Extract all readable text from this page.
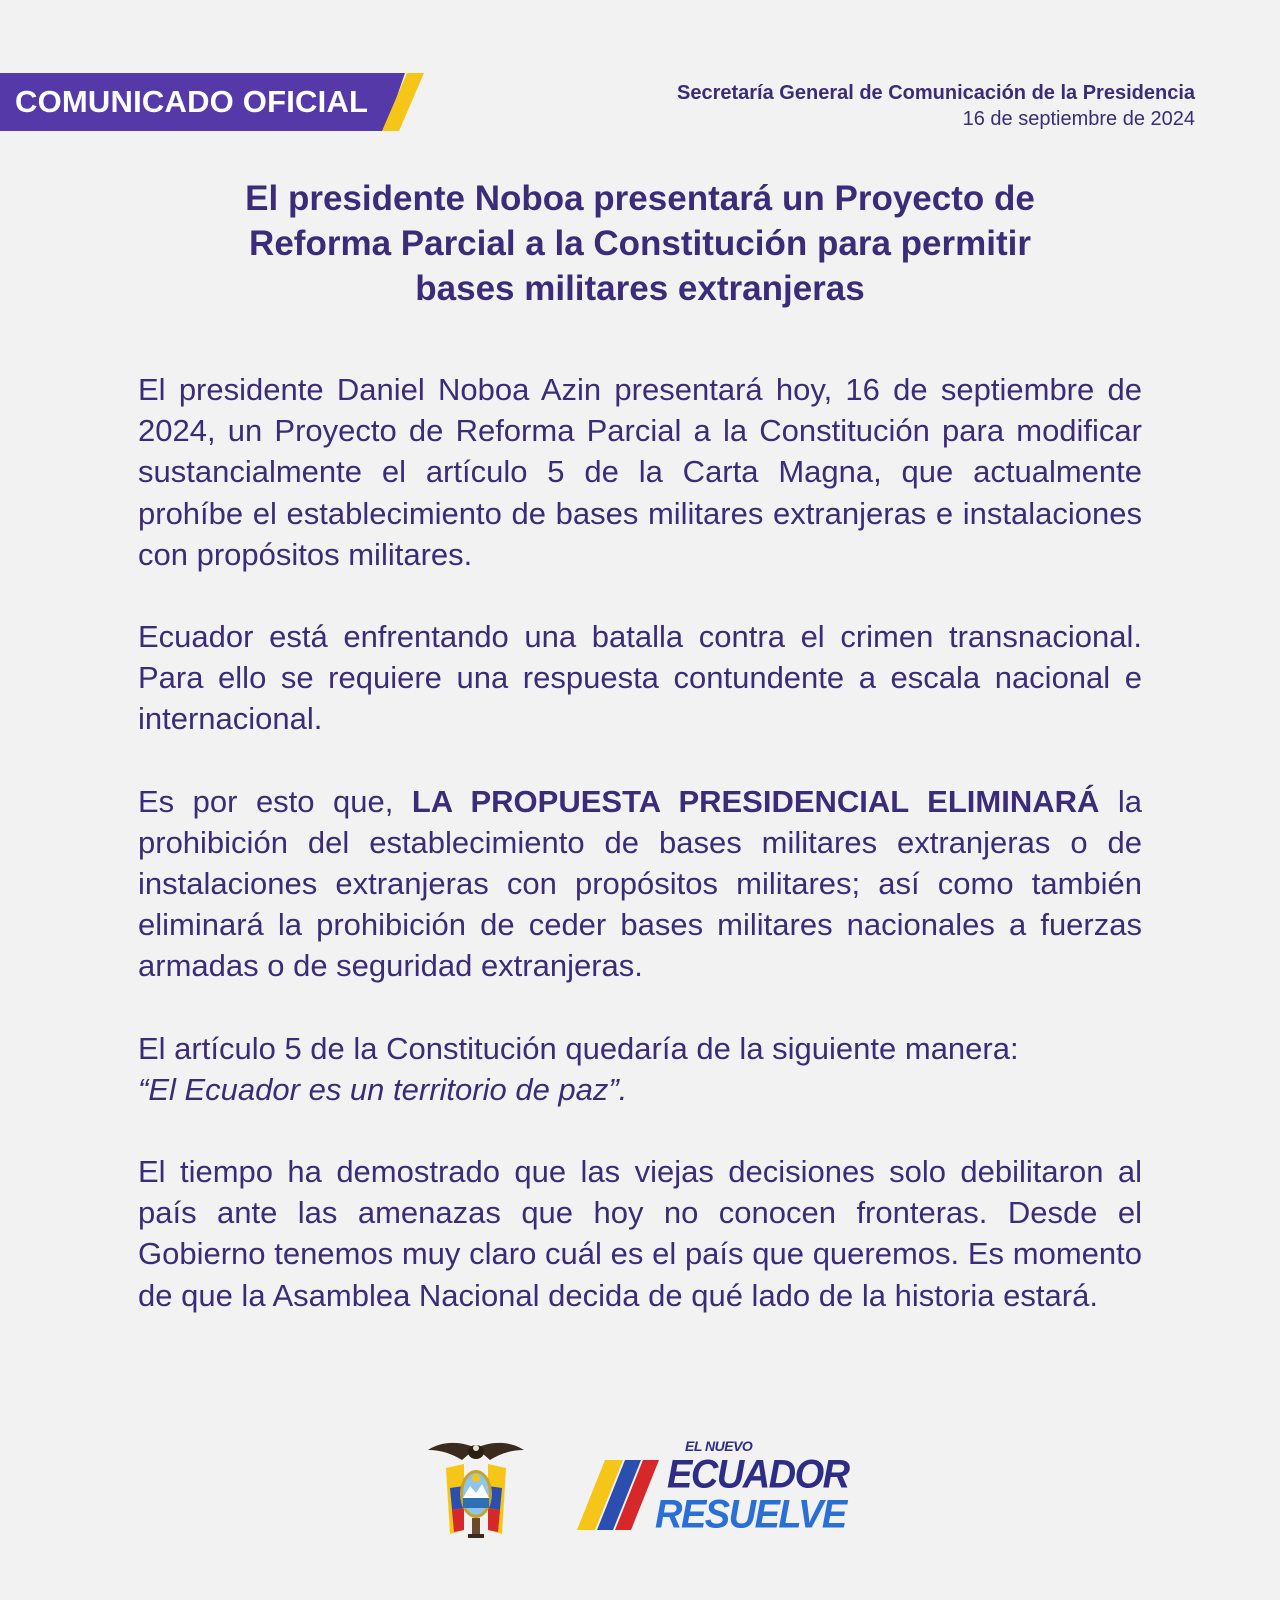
COMUNICADO OFICIAL	Secretaría General de Comunicación de la Presidencia
16 de septiembre de 2024
El presidente Noboa presentará un Proyecto de
Reforma Parcial a la Constitución para permitir
bases militares extranjeras

El presidente Daniel Noboa Azin presentará hoy, 16 de septiembre de 2024, un Proyecto de Reforma Parcial a la Constitución para modificar sustancialmente el artículo 5 de la Carta Magna, que actualmente prohíbe el establecimiento de bases militares extranjeras e instalaciones con propósitos militares.

Ecuador está enfrentando una batalla contra el crimen transnacional. Para ello se requiere una respuesta contundente a escala nacional e internacional.

Es por esto que, LA PROPUESTA PRESIDENCIAL ELIMINARÁ la prohibición del establecimiento de bases militares extranjeras o de instalaciones extranjeras con propósitos militares; así como también eliminará la prohibición de ceder bases militares nacionales a fuerzas armadas o de seguridad extranjeras.

El artículo 5 de la Constitución quedaría de la siguiente manera:
“El Ecuador es un territorio de paz”.

El tiempo ha demostrado que las viejas decisiones solo debilitaron al país ante las amenazas que hoy no conocen fronteras. Desde el Gobierno tenemos muy claro cuál es el país que queremos. Es momento de que la Asamblea Nacional decida de qué lado de la historia estará.

EL NUEVO
ECUADOR
RESUELVE
